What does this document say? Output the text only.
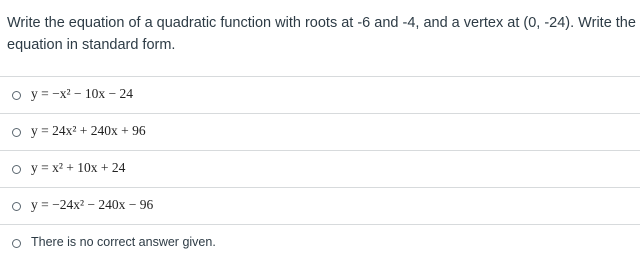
Write the equation of a quadratic function with roots at -6 and -4, and a vertex at (0, -24). Write the equation in standard form.
y = −x² − 10x − 24
y = 24x² + 240x + 96
y = x² + 10x + 24
y = −24x² − 240x − 96
There is no correct answer given.
